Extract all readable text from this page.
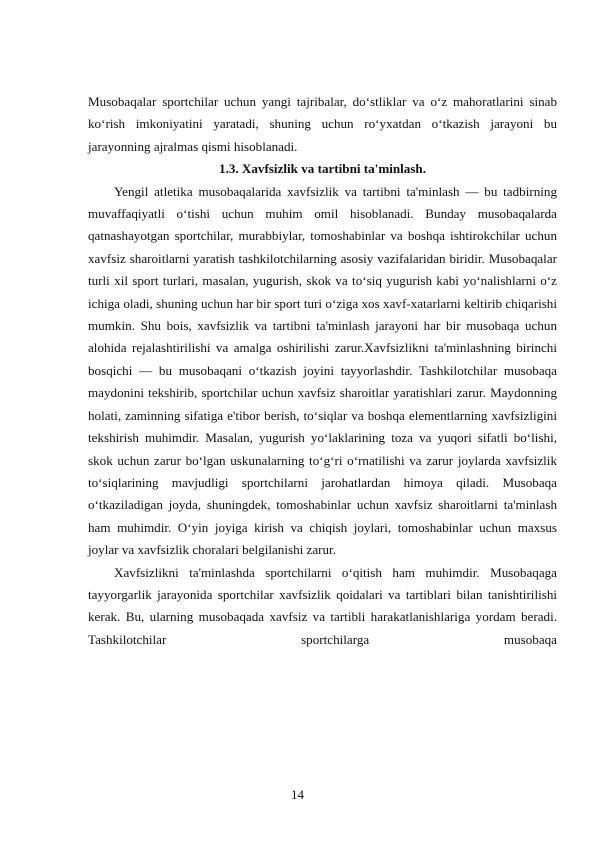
Musobaqalar sportchilar uchun yangi tajribalar, do‘stliklar va o‘z mahoratlarini sinab ko‘rish imkoniyatini yaratadi, shuning uchun ro‘yxatdan o‘tkazish jarayoni bu jarayonning ajralmas qismi hisoblanadi.

1.3. Xavfsizlik va tartibni ta'minlash.

Yengil atletika musobaqalarida xavfsizlik va tartibni ta'minlash — bu tadbirning muvaffaqiyatli o‘tishi uchun muhim omil hisoblanadi. Bunday musobaqalarda qatnashayotgan sportchilar, murabbiylar, tomoshabinlar va boshqa ishtirokchilar uchun xavfsiz sharoitlarni yaratish tashkilotchilarning asosiy vazifalaridan biridir. Musobaqalar turli xil sport turlari, masalan, yugurish, skok va to‘siq yugurish kabi yo‘nalishlarni o‘z ichiga oladi, shuning uchun har bir sport turi o‘ziga xos xavf-xatarlarni keltirib chiqarishi mumkin. Shu bois, xavfsizlik va tartibni ta'minlash jarayoni har bir musobaqa uchun alohida rejalashtirilishi va amalga oshirilishi zarur.Xavfsizlikni ta'minlashning birinchi bosqichi — bu musobaqani o‘tkazish joyini tayyorlashdir. Tashkilotchilar musobaqa maydonini tekshirib, sportchilar uchun xavfsiz sharoitlar yaratishlari zarur. Maydonning holati, zaminning sifatiga e'tibor berish, to‘siqlar va boshqa elementlarning xavfsizligini tekshirish muhimdir. Masalan, yugurish yo‘laklarining toza va yuqori sifatli bo‘lishi, skok uchun zarur bo‘lgan uskunalarning to‘g‘ri o‘rnatilishi va zarur joylarda xavfsizlik to‘siqlarining mavjudligi sportchilarni jarohatlardan himoya qiladi. Musobaqa o‘tkaziladigan joyda, shuningdek, tomoshabinlar uchun xavfsiz sharoitlarni ta'minlash ham muhimdir. O‘yin joyiga kirish va chiqish joylari, tomoshabinlar uchun maxsus joylar va xavfsizlik choralari belgilanishi zarur.

Xavfsizlikni ta'minlashda sportchilarni o‘qitish ham muhimdir. Musobaqaga tayyorgarlik jarayonida sportchilar xavfsizlik qoidalari va tartiblari bilan tanishtirilishi kerak. Bu, ularning musobaqada xavfsiz va tartibli harakatlanishlariga yordam beradi. Tashkilotchilar sportchilarga musobaqa

14
